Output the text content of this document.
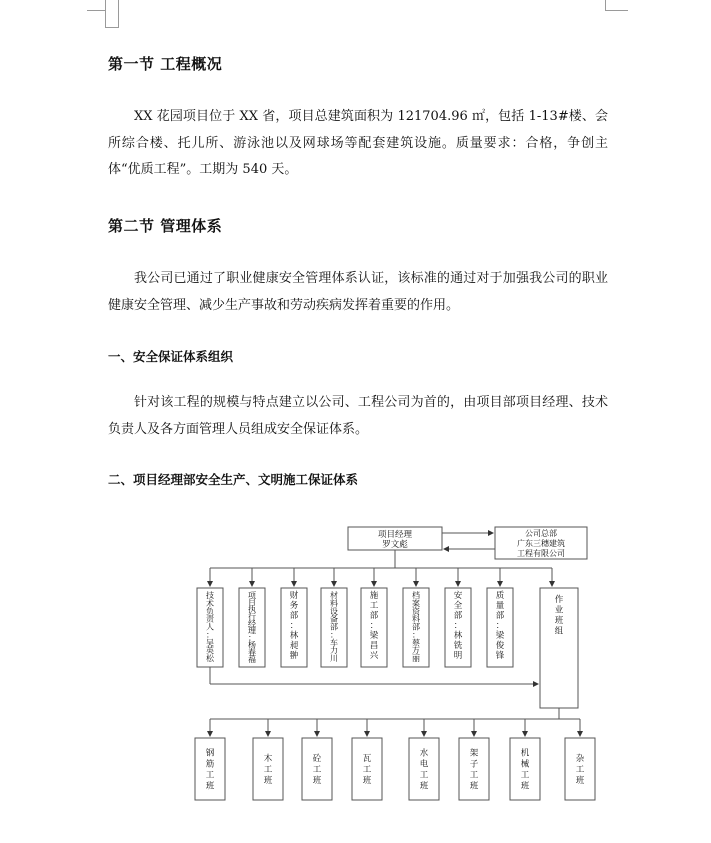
第一节 工程概况

XX 花园项目位于 XX 省，项目总建筑面积为 121704.96 ㎡，包括 1-13#楼、会所综合楼、托儿所、游泳池以及网球场等配套建筑设施。质量要求：合格，争创主体“优质工程”。工期为 540 天。

第二节 管理体系

我公司已通过了职业健康安全管理体系认证，该标准的通过对于加强我公司的职业健康安全管理、减少生产事故和劳动疾病发挥着重要的作用。

一、安全保证体系组织

针对该工程的规模与特点建立以公司、工程公司为首的，由项目部项目经理、技术负责人及各方面管理人员组成安全保证体系。

二、项目经理部安全生产、文明施工保证体系
项目经理
罗文彪
公司总部
广东三穗建筑
工程有限公司
技术负责人：吴英松
项目执行经理：杨春福
财务部：林昶翀
材料设备部：车力川
施工部：梁昌兴
档案资料部：蔡万丽
安全部：林铣明
质量部：梁俊锋
作业班组
钢筋工班
木工班
砼工班
瓦工班
水电工班
架子工班
机械工班
杂工班
